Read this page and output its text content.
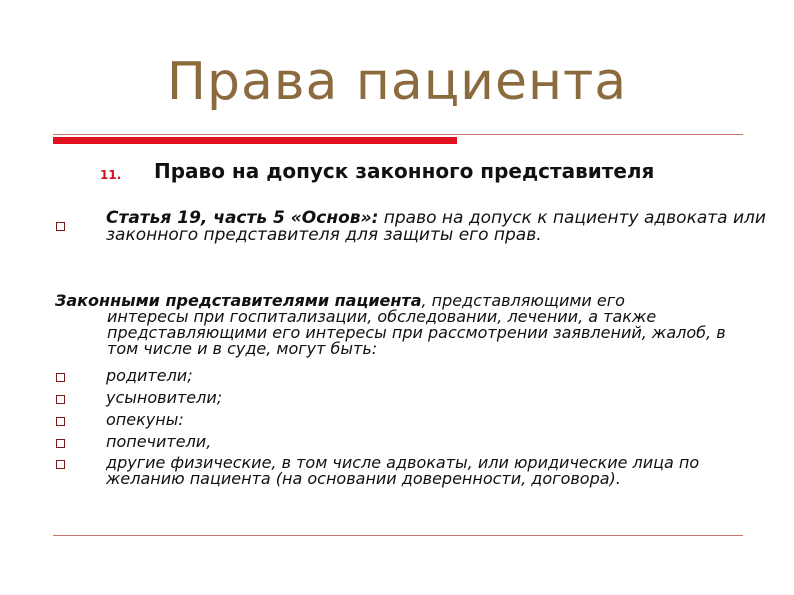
Права пациента
11.	Право на допуск законного представителя

Статья 19, часть 5 «Основ»: право на допуск к пациенту адвоката или законного представителя для защиты его прав.

Законными представителями пациента, представляющими его
интересы при госпитализации, обследовании, лечении, а также представляющими его интересы при рассмотрении заявлений, жалоб, в том числе и в суде, могут быть:

родители;

усыновители;

опекуны:

попечители,

другие физические, в том числе адвокаты, или юридические лица по желанию пациента (на основании доверенности, договора).
